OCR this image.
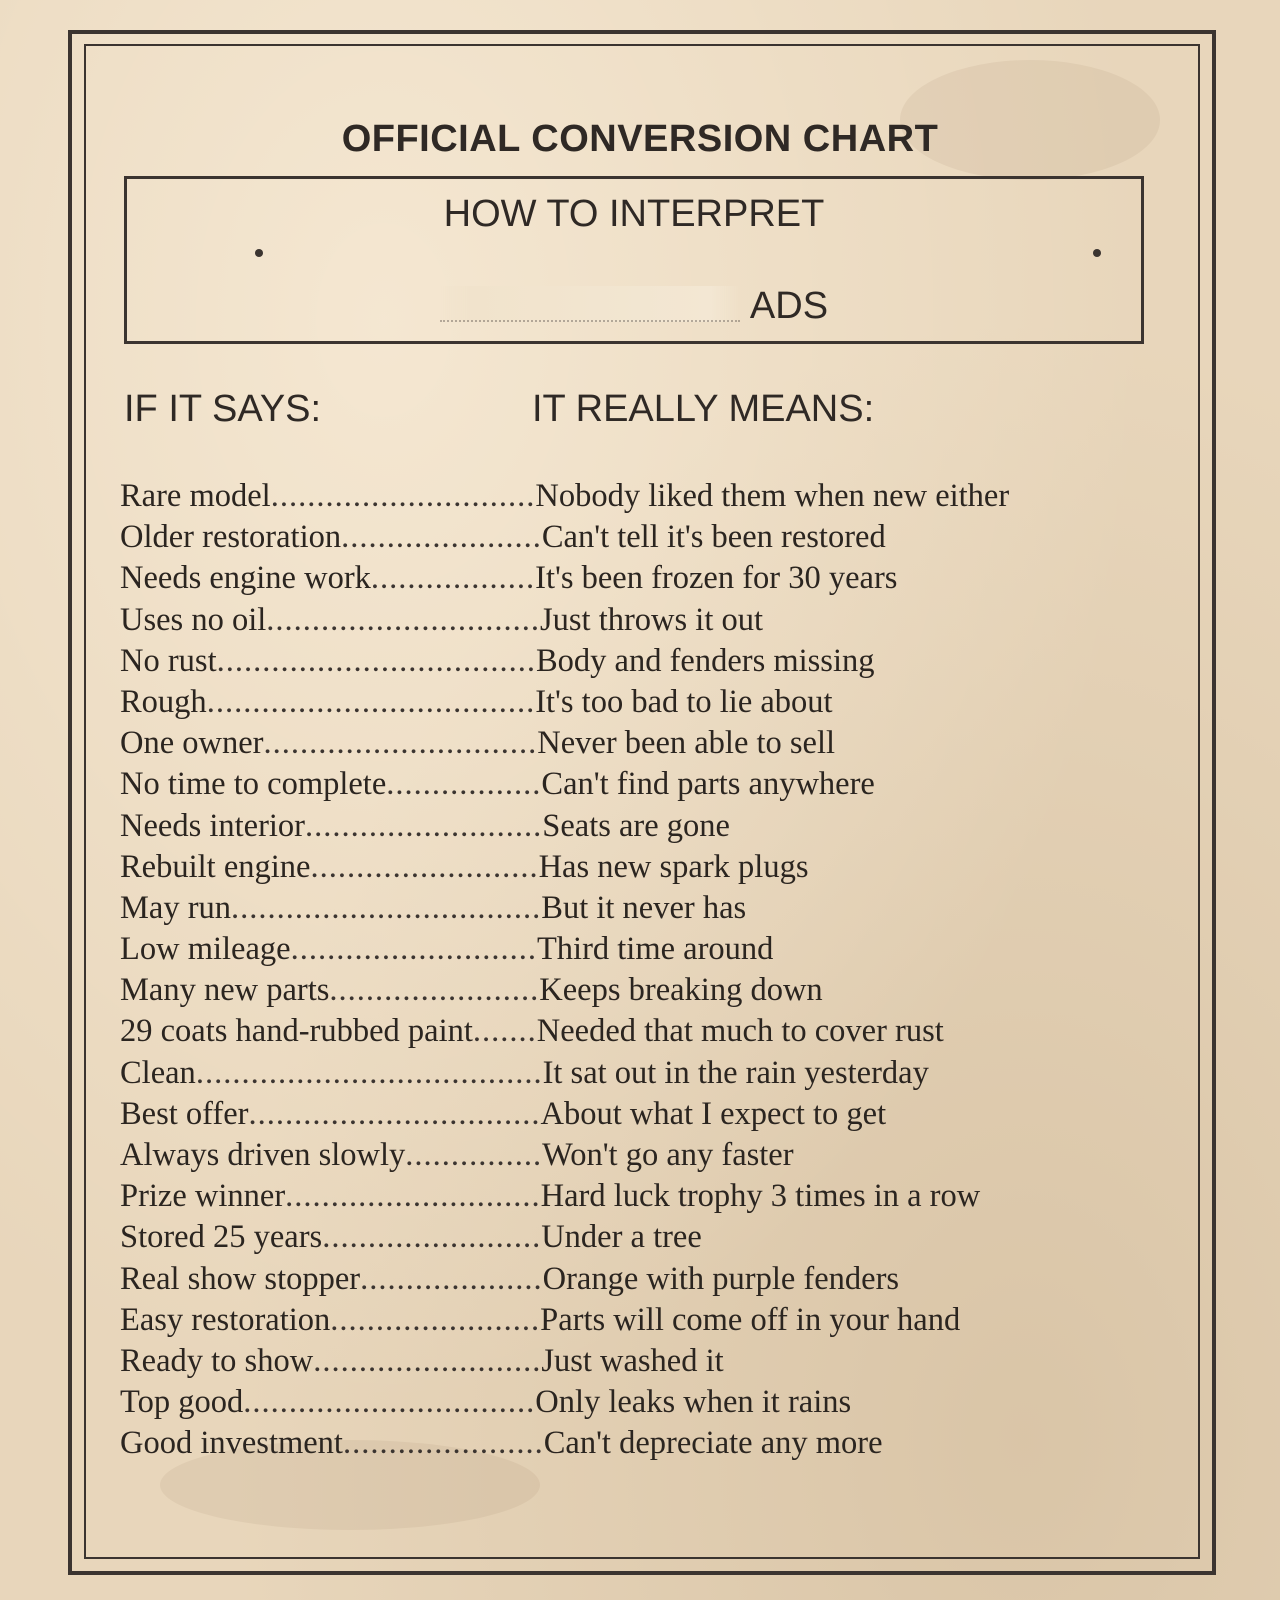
OFFICIAL CONVERSION CHART
HOW TO INTERPRET
ADS
IF IT SAYS:	IT REALLY MEANS:
Rare model ............................. Nobody liked them when new either
Older restoration ...................... Can't tell it's been restored
Needs engine work .................. It's been frozen for 30 years
Uses no oil .............................. Just throws it out
No rust ................................... Body and fenders missing
Rough .................................... It's too bad to lie about
One owner .............................. Never been able to sell
No time to complete ................. Can't find parts anywhere
Needs interior .......................... Seats are gone
Rebuilt engine ......................... Has new spark plugs
May run .................................. But it never has
Low mileage ........................... Third time around
Many new parts ....................... Keeps breaking down
29 coats hand-rubbed paint ....... Needed that much to cover rust
Clean ...................................... It sat out in the rain yesterday
Best offer ................................ About what I expect to get
Always driven slowly ............... Won't go any faster
Prize winner ............................ Hard luck trophy 3 times in a row
Stored 25 years ........................ Under a tree
Real show stopper .................... Orange with purple fenders
Easy restoration ....................... Parts will come off in your hand
Ready to show ......................... Just washed it
Top good ................................ Only leaks when it rains
Good investment ...................... Can't depreciate any more
